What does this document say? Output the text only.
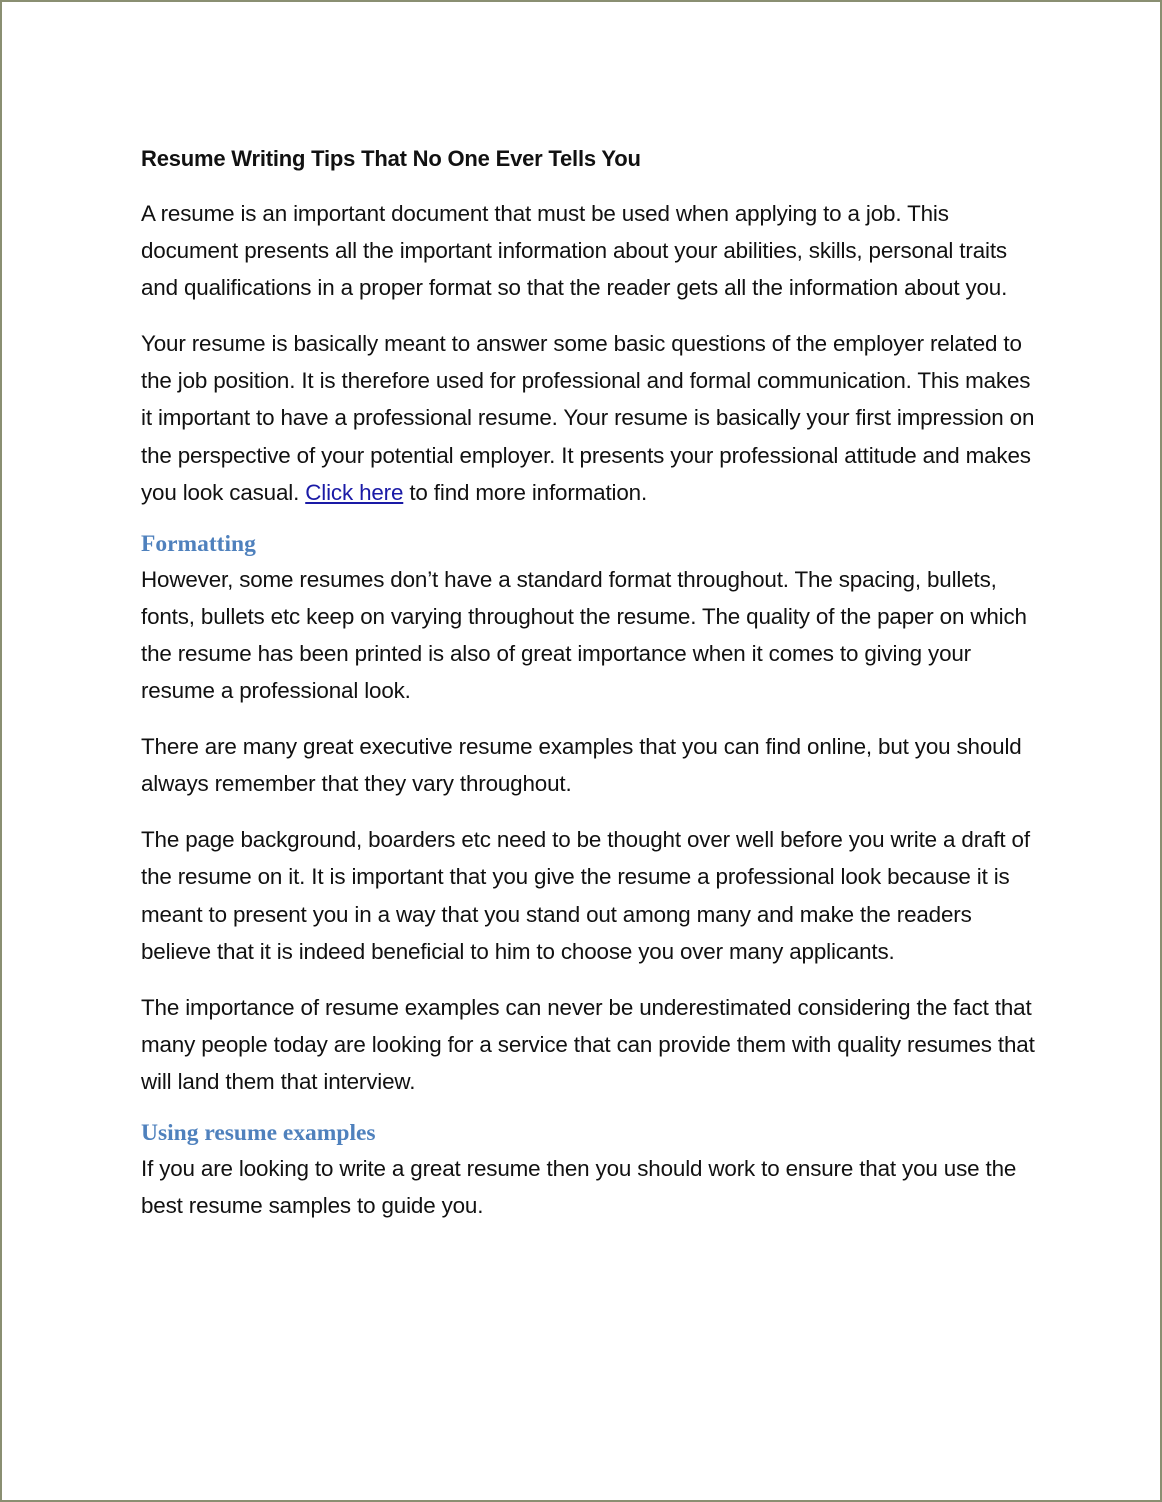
Resume Writing Tips That No One Ever Tells You

A resume is an important document that must be used when applying to a job. This document presents all the important information about your abilities, skills, personal traits and qualifications in a proper format so that the reader gets all the information about you.

Your resume is basically meant to answer some basic questions of the employer related to the job position. It is therefore used for professional and formal communication. This makes it important to have a professional resume. Your resume is basically your first impression on the perspective of your potential employer. It presents your professional attitude and makes you look casual. Click here to find more information.

Formatting

However, some resumes don’t have a standard format throughout. The spacing, bullets, fonts, bullets etc keep on varying throughout the resume. The quality of the paper on which the resume has been printed is also of great importance when it comes to giving your resume a professional look.

There are many great executive resume examples that you can find online, but you should always remember that they vary throughout.

The page background, boarders etc need to be thought over well before you write a draft of the resume on it. It is important that you give the resume a professional look because it is meant to present you in a way that you stand out among many and make the readers believe that it is indeed beneficial to him to choose you over many applicants.

The importance of resume examples can never be underestimated considering the fact that many people today are looking for a service that can provide them with quality resumes that will land them that interview.

Using resume examples

If you are looking to write a great resume then you should work to ensure that you use the best resume samples to guide you.
